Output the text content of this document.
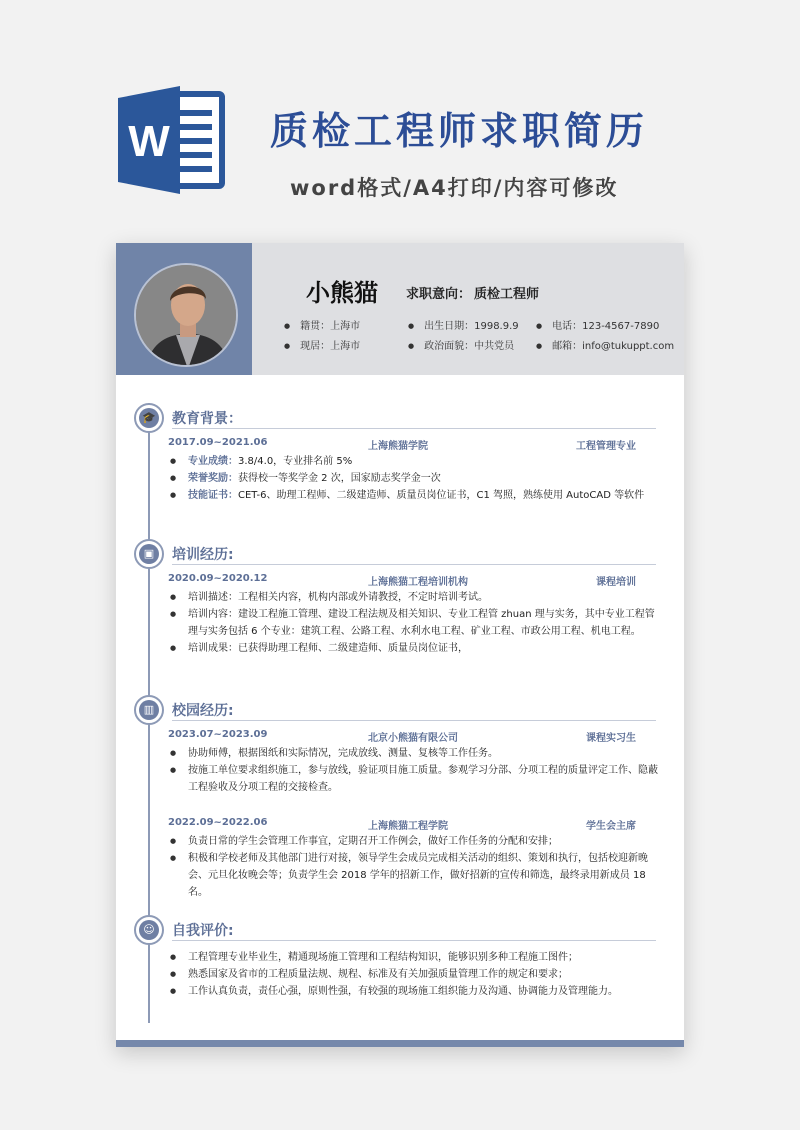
W	质检工程师求职简历
word格式/A4打印/内容可修改
小熊猫 求职意向： 质检工程师
● 籍贯：上海市	● 出生日期：1998.9.9	● 电话：123-4567-7890
● 现居：上海市	● 政治面貌：中共党员	● 邮箱：info@tukuppt.com
🎓 教育背景：
2017.09~2021.06	上海熊猫学院	工程管理专业
● 专业成绩：3.8/4.0，专业排名前 5%
● 荣誉奖励：获得校一等奖学金 2 次，国家励志奖学金一次
● 技能证书：CET-6、助理工程师、二级建造师、质量员岗位证书，C1 驾照，熟练使用 AutoCAD 等软件
▣	培训经历:
2020.09~2020.12	上海熊猫工程培训机构	课程培训
● 培训描述：工程相关内容，机构内部或外请教授，不定时培训考试。
● 培训内容：建设工程施工管理、建设工程法规及相关知识、专业工程管 zhuan 理与实务，其中专业工程管理与实务包括 6 个专业：建筑工程、公路工程、水利水电工程、矿业工程、市政公用工程、机电工程。
● 培训成果：已获得助理工程师、二级建造师、质量员岗位证书，
▥	校园经历:
2023.07~2023.09	北京小熊猫有限公司	课程实习生
● 协助师傅，根据图纸和实际情况，完成放线、测量、复核等工作任务。
● 按施工单位要求组织施工，参与放线，验证项目施工质量。参观学习分部、分项工程的质量评定工作、隐蔽工程验收及分项工程的交接检查。
2022.09~2022.06	上海熊猫工程学院	学生会主席
● 负责日常的学生会管理工作事宜，定期召开工作例会，做好工作任务的分配和安排；
● 积极和学校老师及其他部门进行对接，领导学生会成员完成相关活动的组织、策划和执行，包括校迎新晚会、元旦化妆晚会等；负责学生会 2018 学年的招新工作，做好招新的宣传和筛选，最终录用新成员 18 名。
☺	自我评价:
● 工程管理专业毕业生，精通现场施工管理和工程结构知识，能够识别多种工程施工图件；
● 熟悉国家及省市的工程质量法规、规程、标准及有关加强质量管理工作的规定和要求；
● 工作认真负责，责任心强，原则性强，有较强的现场施工组织能力及沟通、协调能力及管理能力。
